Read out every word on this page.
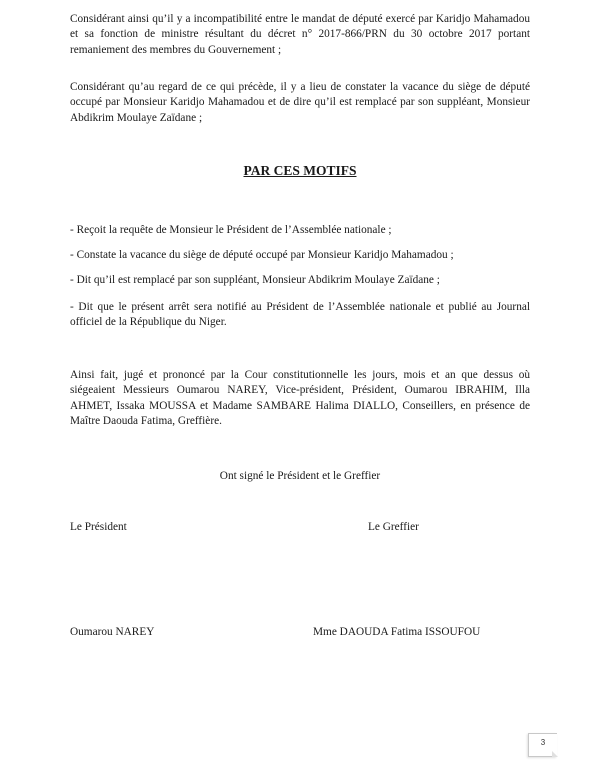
Considérant ainsi qu’il y a incompatibilité entre le mandat de député exercé par Karidjo Mahamadou et sa fonction de ministre résultant du décret n° 2017-866/PRN du 30 octobre 2017 portant remaniement des membres du Gouvernement ;

Considérant qu’au regard de ce qui précède, il y a lieu de constater la vacance du siège de député occupé par Monsieur Karidjo Mahamadou et de dire qu’il est remplacé par son suppléant, Monsieur Abdikrim Moulaye Zaïdane ;

PAR CES MOTIFS

- Reçoit la requête de Monsieur le Président de l’Assemblée nationale ;

- Constate la vacance du siège de député occupé par Monsieur Karidjo Mahamadou ;

- Dit qu’il est remplacé par son suppléant, Monsieur Abdikrim Moulaye Zaïdane ;

- Dit que le présent arrêt sera notifié au Président de l’Assemblée nationale et publié au Journal officiel de la République du Niger.

Ainsi fait, jugé et prononcé par la Cour constitutionnelle les jours, mois et an que dessus où siégeaient Messieurs Oumarou NAREY, Vice-président, Président, Oumarou IBRAHIM, Illa AHMET, Issaka MOUSSA et Madame SAMBARE Halima DIALLO, Conseillers, en présence de Maître Daouda Fatima, Greffière.

Ont signé le Président et le Greffier

Le Président	Le Greffier

Oumarou NAREY	Mme DAOUDA Fatima ISSOUFOU

3
